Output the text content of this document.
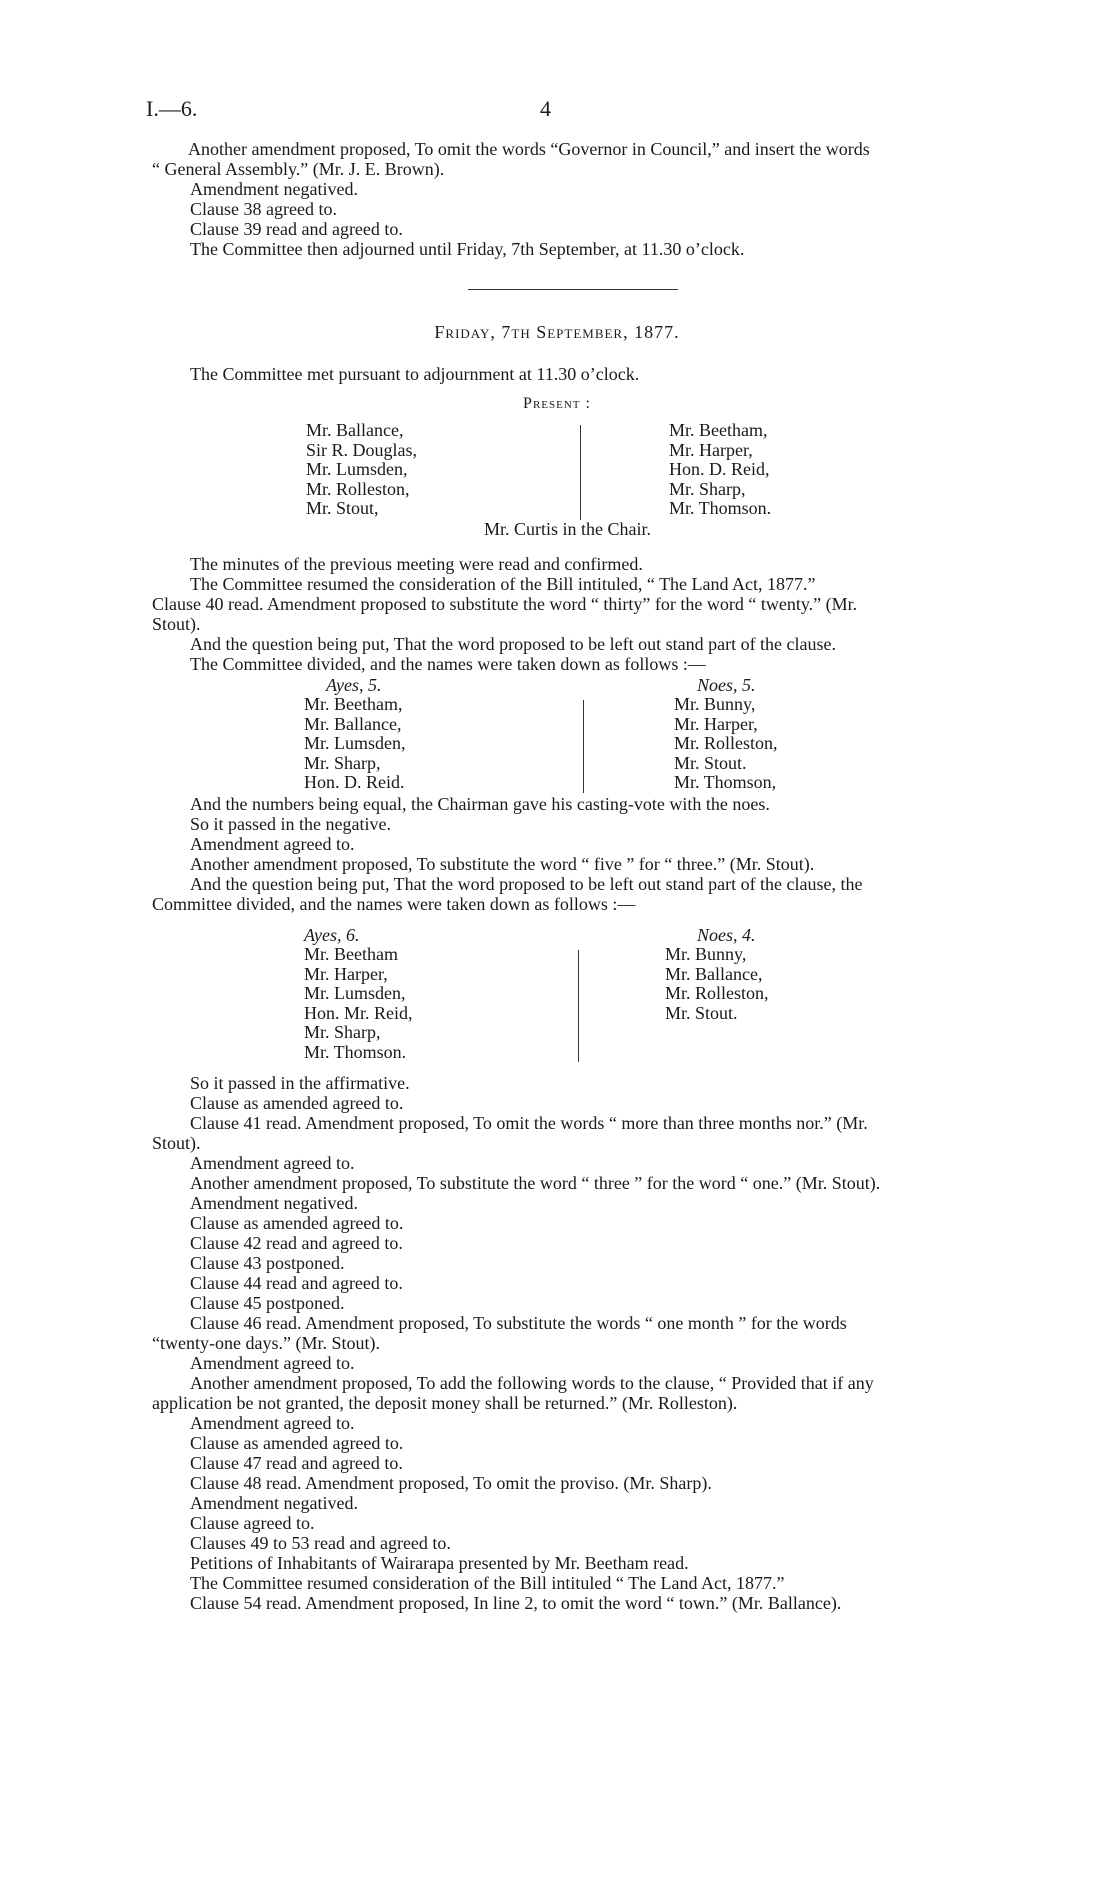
I.—6.	4
Another amendment proposed, To omit the words “Governor in Council,” and insert the words
“ General Assembly.” (Mr. J. E. Brown).
Amendment negatived.
Clause 38 agreed to.
Clause 39 read and agreed to.
The Committee then adjourned until Friday, 7th September, at 11.30 o’clock.
Friday, 7th September, 1877.
The Committee met pursuant to adjournment at 11.30 o’clock.
Present :
Mr. Ballance,
Sir R. Douglas,
Mr. Lumsden,
Mr. Rolleston,
Mr. Stout,
Mr. Beetham,
Mr. Harper,
Hon. D. Reid,
Mr. Sharp,
Mr. Thomson.
Mr. Curtis in the Chair.
The minutes of the previous meeting were read and confirmed.
The Committee resumed the consideration of the Bill intituled, “ The Land Act, 1877.”
Clause 40 read. Amendment proposed to substitute the word “ thirty” for the word “ twenty.” (Mr.
Stout).
And the question being put, That the word proposed to be left out stand part of the clause.
The Committee divided, and the names were taken down as follows :—
Ayes, 5.
Mr. Beetham,
Mr. Ballance,
Mr. Lumsden,
Mr. Sharp,
Hon. D. Reid.
Noes, 5.
Mr. Bunny,
Mr. Harper,
Mr. Rolleston,
Mr. Stout.
Mr. Thomson,
And the numbers being equal, the Chairman gave his casting-vote with the noes.
So it passed in the negative.
Amendment agreed to.
Another amendment proposed, To substitute the word “ five ” for “ three.” (Mr. Stout).
And the question being put, That the word proposed to be left out stand part of the clause, the
Committee divided, and the names were taken down as follows :—
Ayes, 6.
Mr. Beetham
Mr. Harper,
Mr. Lumsden,
Hon. Mr. Reid,
Mr. Sharp,
Mr. Thomson.
Noes, 4.
Mr. Bunny,
Mr. Ballance,
Mr. Rolleston,
Mr. Stout.
So it passed in the affirmative.
Clause as amended agreed to.
Clause 41 read. Amendment proposed, To omit the words “ more than three months nor.” (Mr.
Stout).
Amendment agreed to.
Another amendment proposed, To substitute the word “ three ” for the word “ one.” (Mr. Stout).
Amendment negatived.
Clause as amended agreed to.
Clause 42 read and agreed to.
Clause 43 postponed.
Clause 44 read and agreed to.
Clause 45 postponed.
Clause 46 read. Amendment proposed, To substitute the words “ one month ” for the words
“twenty-one days.” (Mr. Stout).
Amendment agreed to.
Another amendment proposed, To add the following words to the clause, “ Provided that if any
application be not granted, the deposit money shall be returned.” (Mr. Rolleston).
Amendment agreed to.
Clause as amended agreed to.
Clause 47 read and agreed to.
Clause 48 read. Amendment proposed, To omit the proviso. (Mr. Sharp).
Amendment negatived.
Clause agreed to.
Clauses 49 to 53 read and agreed to.
Petitions of Inhabitants of Wairarapa presented by Mr. Beetham read.
The Committee resumed consideration of the Bill intituled “ The Land Act, 1877.”
Clause 54 read. Amendment proposed, In line 2, to omit the word “ town.” (Mr. Ballance).
